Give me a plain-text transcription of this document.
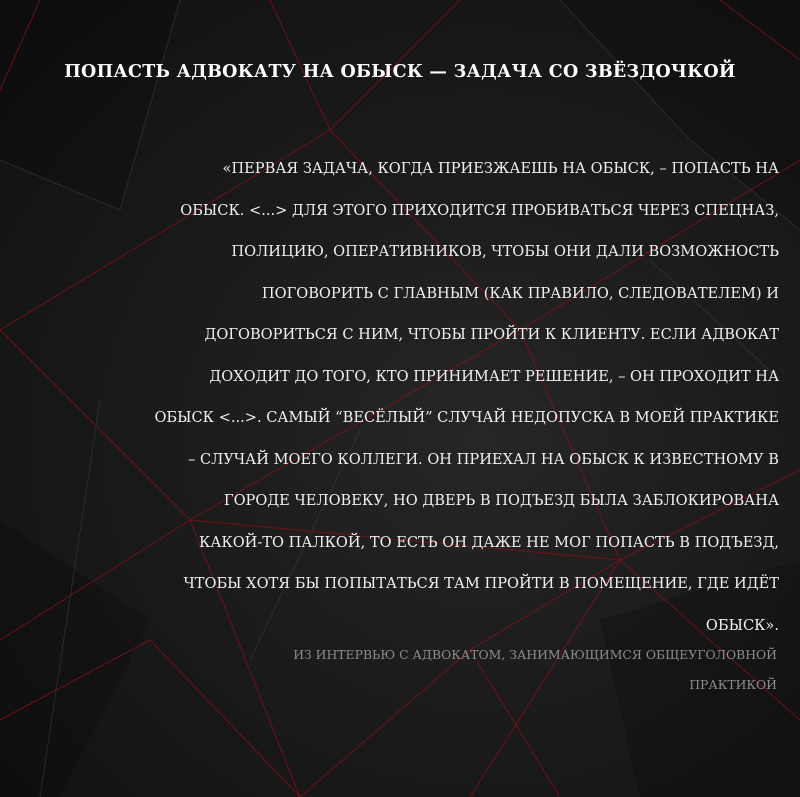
ПОПАСТЬ АДВОКАТУ НА ОБЫСК — ЗАДАЧА СО ЗВЁЗДОЧКОЙ
«ПЕРВАЯ ЗАДАЧА, КОГДА ПРИЕЗЖАЕШЬ НА ОБЫСК, – ПОПАСТЬ НА
ОБЫСК. <...> ДЛЯ ЭТОГО ПРИХОДИТСЯ ПРОБИВАТЬСЯ ЧЕРЕЗ СПЕЦНАЗ,
ПОЛИЦИЮ, ОПЕРАТИВНИКОВ, ЧТОБЫ ОНИ ДАЛИ ВОЗМОЖНОСТЬ
ПОГОВОРИТЬ С ГЛАВНЫМ (КАК ПРАВИЛО, СЛЕДОВАТЕЛЕМ) И
ДОГОВОРИТЬСЯ С НИМ, ЧТОБЫ ПРОЙТИ К КЛИЕНТУ. ЕСЛИ АДВОКАТ
ДОХОДИТ ДО ТОГО, КТО ПРИНИМАЕТ РЕШЕНИЕ, – ОН ПРОХОДИТ НА
ОБЫСК <...>. САМЫЙ “ВЕСЁЛЫЙ” СЛУЧАЙ НЕДОПУСКА В МОЕЙ ПРАКТИКЕ
– СЛУЧАЙ МОЕГО КОЛЛЕГИ. ОН ПРИЕХАЛ НА ОБЫСК К ИЗВЕСТНОМУ В
ГОРОДЕ ЧЕЛОВЕКУ, НО ДВЕРЬ В ПОДЪЕЗД БЫЛА ЗАБЛОКИРОВАНА
КАКОЙ-ТО ПАЛКОЙ, ТО ЕСТЬ ОН ДАЖЕ НЕ МОГ ПОПАСТЬ В ПОДЪЕЗД,
ЧТОБЫ ХОТЯ БЫ ПОПЫТАТЬСЯ ТАМ ПРОЙТИ В ПОМЕЩЕНИЕ, ГДЕ ИДЁТ
ОБЫСК».
ИЗ ИНТЕРВЬЮ С АДВОКАТОМ, ЗАНИМАЮЩИМСЯ ОБЩЕУГОЛОВНОЙ
ПРАКТИКОЙ
